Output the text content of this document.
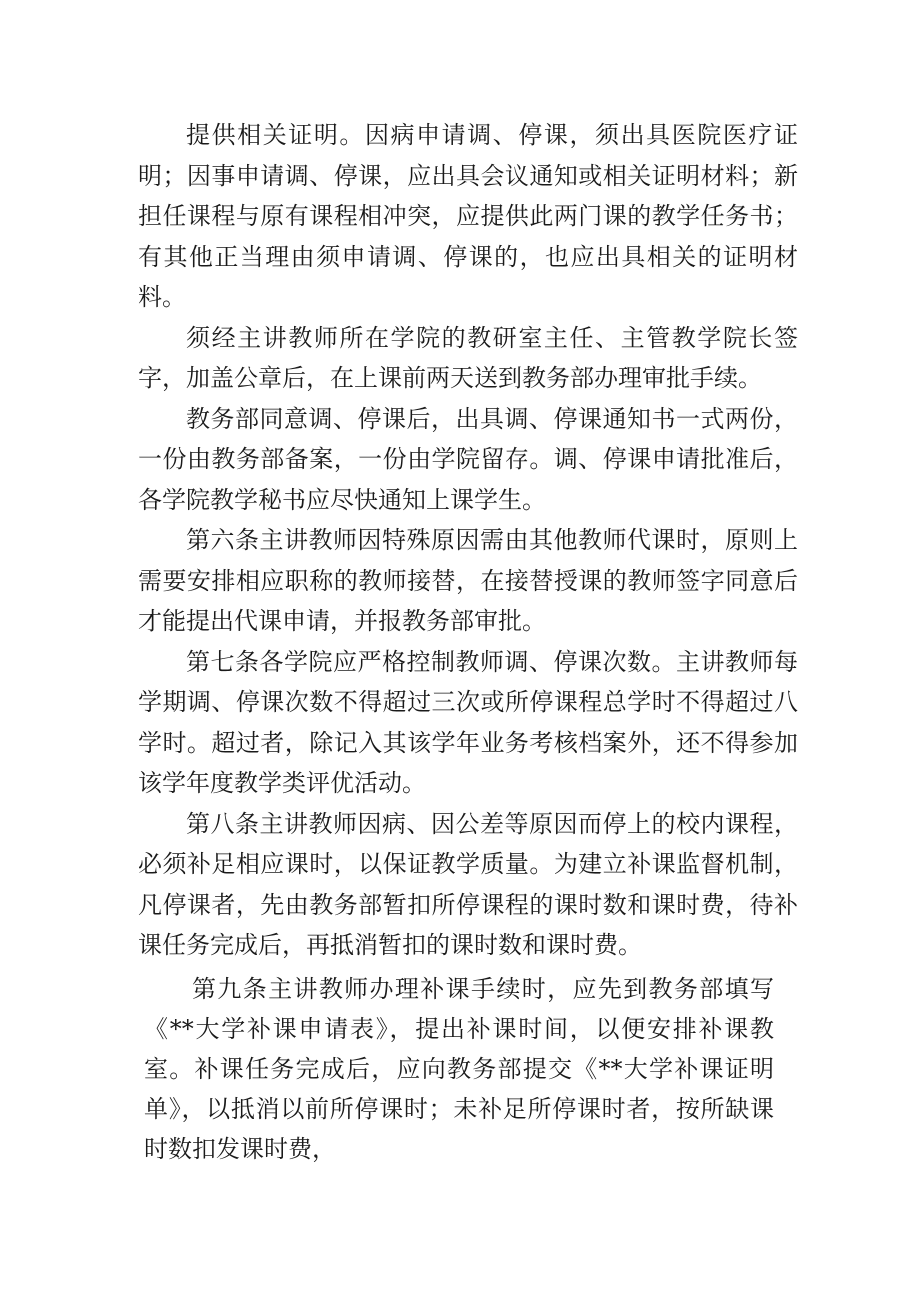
提供相关证明。因病申请调、停课，须出具医院医疗证明；因事申请调、停课，应出具会议通知或相关证明材料；新担任课程与原有课程相冲突，应提供此两门课的教学任务书；有其他正当理由须申请调、停课的，也应出具相关的证明材料。

须经主讲教师所在学院的教研室主任、主管教学院长签字，加盖公章后，在上课前两天送到教务部办理审批手续。

教务部同意调、停课后，出具调、停课通知书一式两份，一份由教务部备案，一份由学院留存。调、停课申请批准后，各学院教学秘书应尽快通知上课学生。

第六条主讲教师因特殊原因需由其他教师代课时，原则上需要安排相应职称的教师接替，在接替授课的教师签字同意后才能提出代课申请，并报教务部审批。

第七条各学院应严格控制教师调、停课次数。主讲教师每学期调、停课次数不得超过三次或所停课程总学时不得超过八学时。超过者，除记入其该学年业务考核档案外，还不得参加该学年度教学类评优活动。

第八条主讲教师因病、因公差等原因而停上的校内课程，必须补足相应课时，以保证教学质量。为建立补课监督机制，凡停课者，先由教务部暂扣所停课程的课时数和课时费，待补课任务完成后，再抵消暂扣的课时数和课时费。

第九条主讲教师办理补课手续时，应先到教务部填写《**大学补课申请表》，提出补课时间，以便安排补课教室。补课任务完成后，应向教务部提交《**大学补课证明单》，以抵消以前所停课时；未补足所停课时者，按所缺课时数扣发课时费，
